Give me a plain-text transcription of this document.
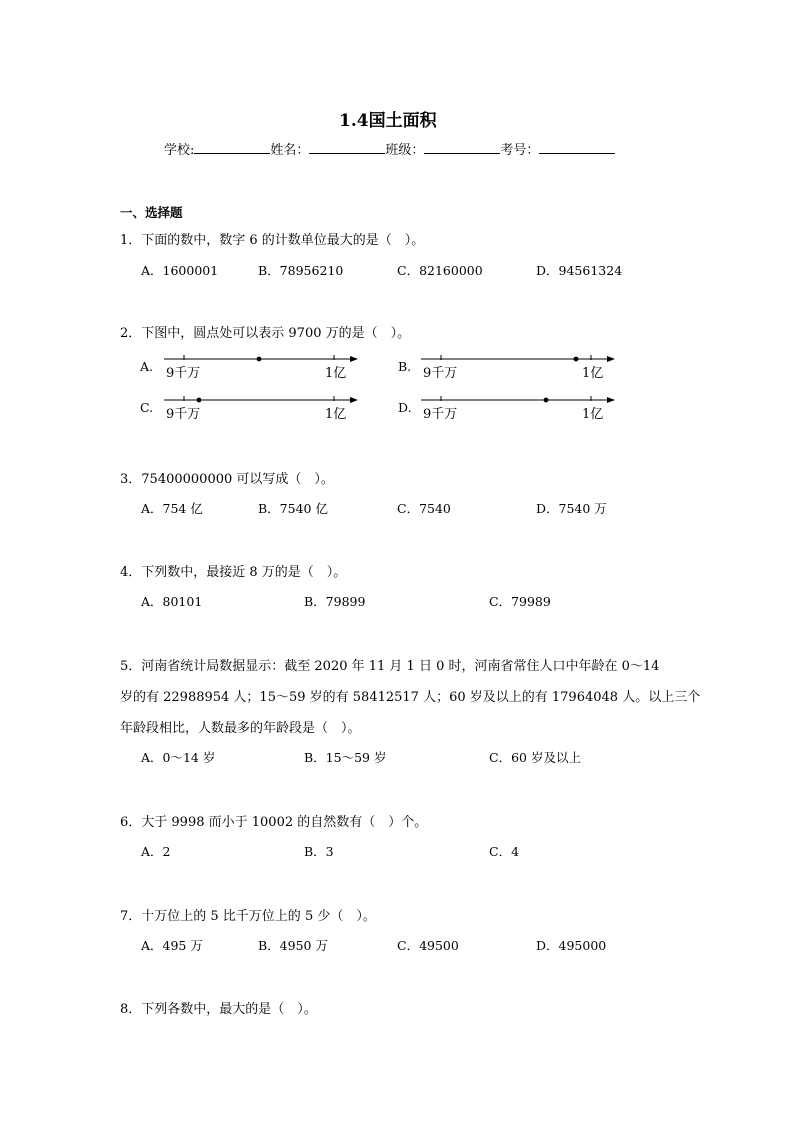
1.4国土面积
学校:	姓名：	班级：	考号：
一、选择题
1．下面的数中，数字 6 的计数单位最大的是（　）。
A．1600001	B．78956210	C．82160000	D．94561324
2．下图中，圆点处可以表示 9700 万的是（　）。
A. 9千万	1亿	B. 9千万	1亿
C. 9千万	1亿	D. 9千万	1亿
3．75400000000 可以写成（　）。
A．754 亿	B．7540 亿	C．7540	D．7540 万
4．下列数中，最接近 8 万的是（　）。
A．80101	B．79899	C．79989
5．河南省统计局数据显示：截至 2020 年 11 月 1 日 0 时，河南省常住人口中年龄在 0～14
岁的有 22988954 人；15～59 岁的有 58412517 人；60 岁及以上的有 17964048 人。以上三个
年龄段相比，人数最多的年龄段是（　）。
A．0～14 岁	B．15～59 岁	C．60 岁及以上
6．大于 9998 而小于 10002 的自然数有（　）个。
A．2	B．3	C．4
7．十万位上的 5 比千万位上的 5 少（　）。
A．495 万	B．4950 万	C．49500	D．495000
8．下列各数中，最大的是（　）。
